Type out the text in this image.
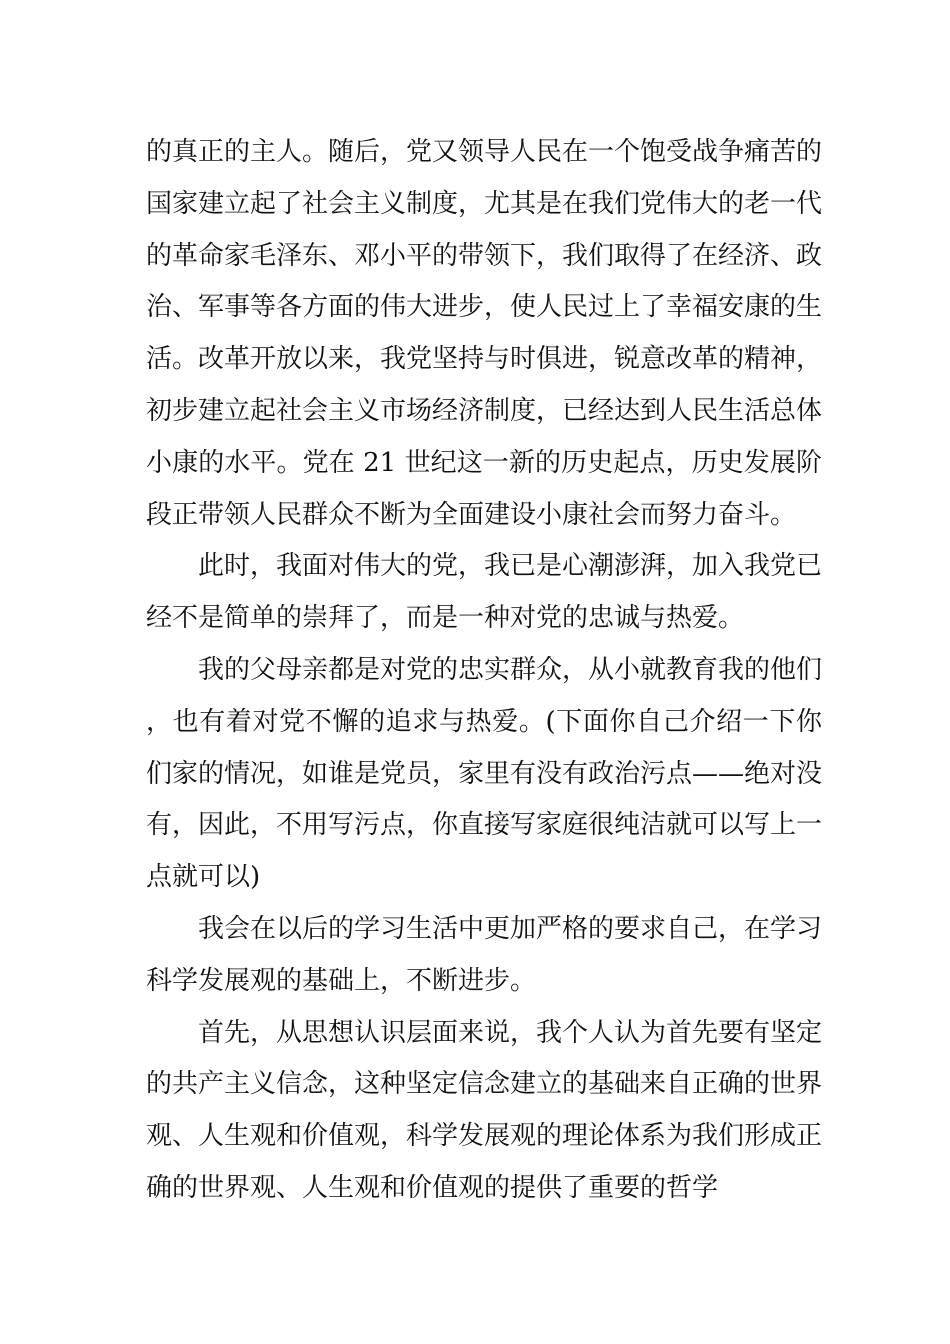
的真正的主人。随后，党又领导人民在一个饱受战争痛苦的国家建立起了社会主义制度，尤其是在我们党伟大的老一代的革命家毛泽东、邓小平的带领下，我们取得了在经济、政治、军事等各方面的伟大进步，使人民过上了幸福安康的生活。改革开放以来，我党坚持与时俱进，锐意改革的精神，初步建立起社会主义市场经济制度，已经达到人民生活总体小康的水平。党在 21 世纪这一新的历史起点，历史发展阶段正带领人民群众不断为全面建设小康社会而努力奋斗。

此时，我面对伟大的党，我已是心潮澎湃，加入我党已经不是简单的崇拜了，而是一种对党的忠诚与热爱。

我的父母亲都是对党的忠实群众，从小就教育我的他们，也有着对党不懈的追求与热爱。(下面你自己介绍一下你们家的情况，如谁是党员，家里有没有政治污点——绝对没有，因此，不用写污点，你直接写家庭很纯洁就可以写上一点就可以)

我会在以后的学习生活中更加严格的要求自己，在学习科学发展观的基础上，不断进步。

首先，从思想认识层面来说，我个人认为首先要有坚定的共产主义信念，这种坚定信念建立的基础来自正确的世界观、人生观和价值观，科学发展观的理论体系为我们形成正确的世界观、人生观和价值观的提供了重要的哲学
